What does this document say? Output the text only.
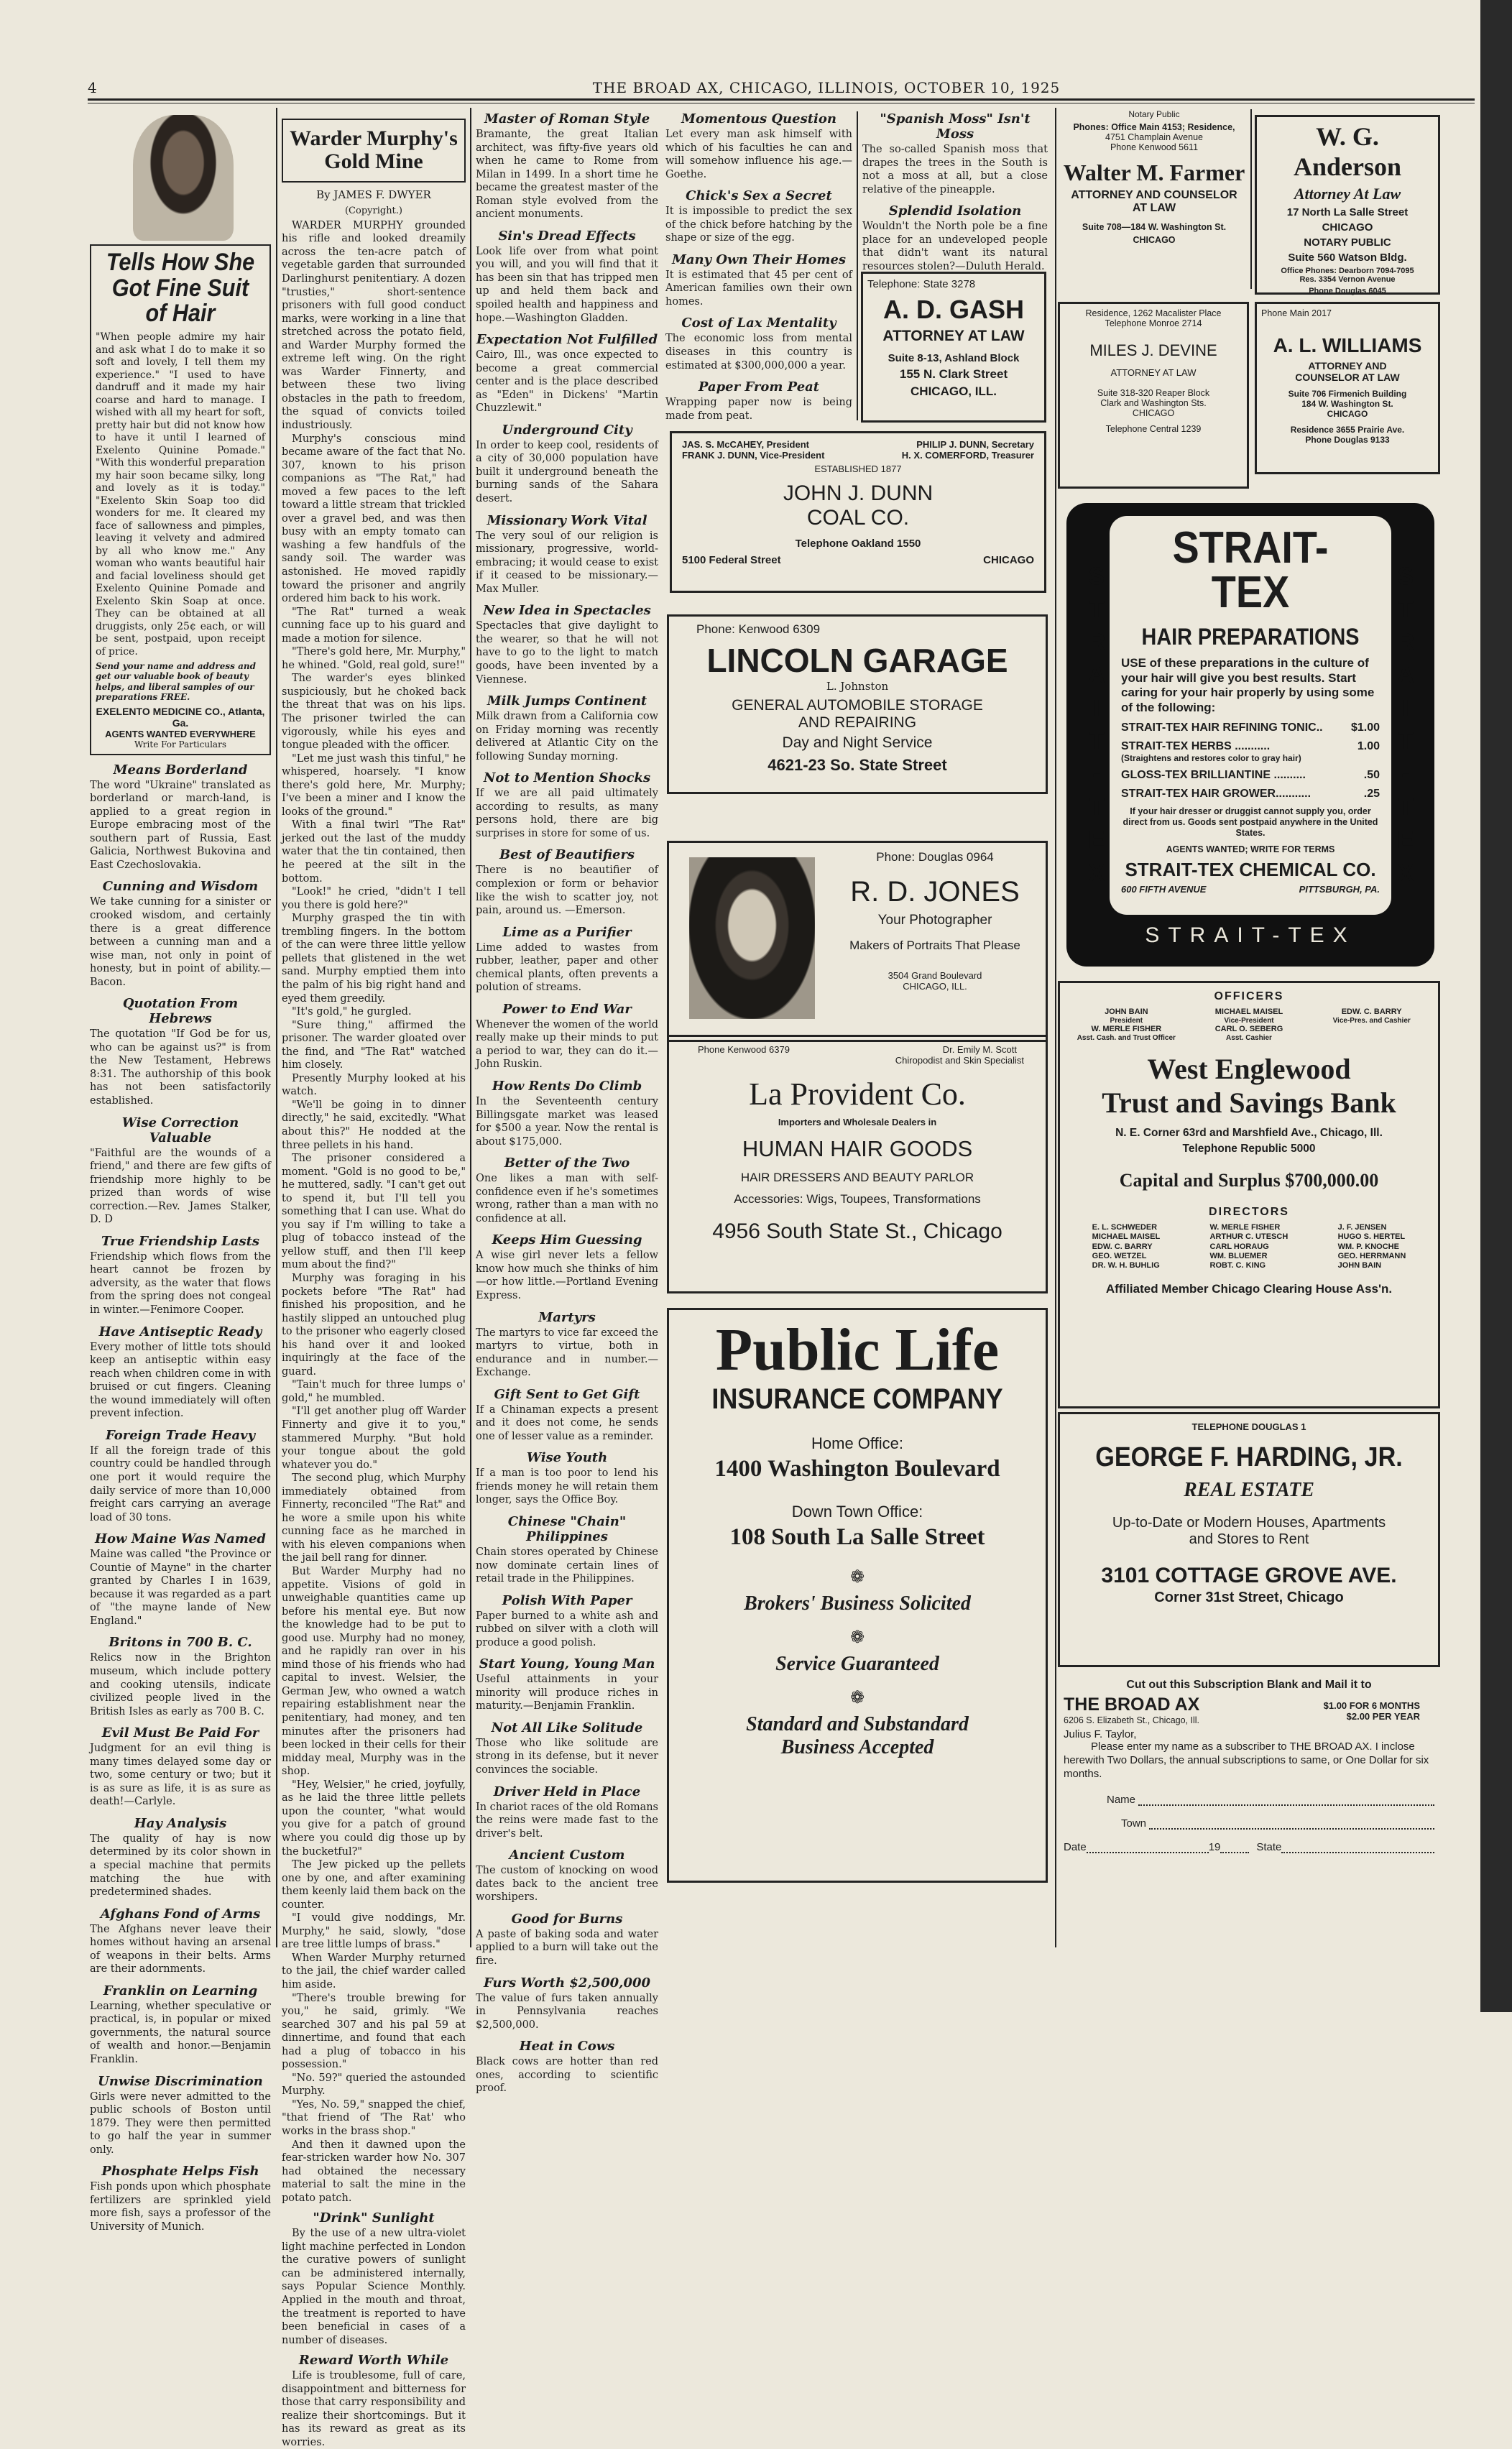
4	THE BROAD AX, CHICAGO, ILLINOIS, OCTOBER 10, 1925
Tells How She Got Fine Suit of Hair

"When people admire my hair and ask what I do to make it so soft and lovely, I tell them my experience." "I used to have dandruff and it made my hair coarse and hard to manage. I wished with all my heart for soft, pretty hair but did not know how to have it until I learned of Exelento Quinine Pomade." "With this wonderful preparation my hair soon became silky, long and lovely as it is today." "Exelento Skin Soap too did wonders for me. It cleared my face of sallowness and pimples, leaving it velvety and admired by all who know me." Any woman who wants beautiful hair and facial loveliness should get Exelento Quinine Pomade and Exelento Skin Soap at once. They can be obtained at all druggists, only 25¢ each, or will be sent, postpaid, upon receipt of price.

Send your name and address and get our valuable book of beauty helps, and liberal samples of our preparations FREE.

EXELENTO MEDICINE CO., Atlanta, Ga.
AGENTS WANTED EVERYWHERE
Write For Particulars
Means Borderland

The word "Ukraine" translated as borderland or march-land, is applied to a great region in Europe embracing most of the southern part of Russia, East Galicia, Northwest Bukovina and East Czechoslovakia.

Cunning and Wisdom

We take cunning for a sinister or crooked wisdom, and certainly there is a great difference between a cunning man and a wise man, not only in point of honesty, but in point of ability.—Bacon.

Quotation From Hebrews

The quotation "If God be for us, who can be against us?" is from the New Testament, Hebrews 8:31. The authorship of this book has not been satisfactorily established.

Wise Correction Valuable

"Faithful are the wounds of a friend," and there are few gifts of friendship more highly to be prized than words of wise correction.—Rev. James Stalker, D. D

True Friendship Lasts

Friendship which flows from the heart cannot be frozen by adversity, as the water that flows from the spring does not congeal in winter.—Fenimore Cooper.

Have Antiseptic Ready

Every mother of little tots should keep an antiseptic within easy reach when children come in with bruised or cut fingers. Cleaning the wound immediately will often prevent infection.

Foreign Trade Heavy

If all the foreign trade of this country could be handled through one port it would require the daily service of more than 10,000 freight cars carrying an average load of 30 tons.

How Maine Was Named

Maine was called "the Province or Countie of Mayne" in the charter granted by Charles I in 1639, because it was regarded as a part of "the mayne lande of New England."

Britons in 700 B. C.

Relics now in the Brighton museum, which include pottery and cooking utensils, indicate civilized people lived in the British Isles as early as 700 B. C.

Evil Must Be Paid For

Judgment for an evil thing is many times delayed some day or two, some century or two; but it is as sure as life, it is as sure as death!—Carlyle.

Hay Analysis

The quality of hay is now determined by its color shown in a special machine that permits matching the hue with predetermined shades.

Afghans Fond of Arms

The Afghans never leave their homes without having an arsenal of weapons in their belts. Arms are their adornments.

Franklin on Learning

Learning, whether speculative or practical, is, in popular or mixed governments, the natural source of wealth and honor.—Benjamin Franklin.

Unwise Discrimination

Girls were never admitted to the public schools of Boston until 1879. They were then permitted to go half the year in summer only.

Phosphate Helps Fish

Fish ponds upon which phosphate fertilizers are sprinkled yield more fish, says a professor of the University of Munich.

Warder Murphy's Gold Mine
By JAMES F. DWYER
(Copyright.)

WARDER MURPHY grounded his rifle and looked dreamily across the ten-acre patch of vegetable garden that surrounded Darlinghurst penitentiary. A dozen "trusties," short-sentence prisoners with full good conduct marks, were working in a line that stretched across the potato field, and Warder Murphy formed the extreme left wing. On the right was Warder Finnerty, and between these two living obstacles in the path to freedom, the squad of convicts toiled industriously.

Murphy's conscious mind became aware of the fact that No. 307, known to his prison companions as "The Rat," had moved a few paces to the left toward a little stream that trickled over a gravel bed, and was then busy with an empty tomato can washing a few handfuls of the sandy soil. The warder was astonished. He moved rapidly toward the prisoner and angrily ordered him back to his work.

"The Rat" turned a weak cunning face up to his guard and made a motion for silence.

"There's gold here, Mr. Murphy," he whined. "Gold, real gold, sure!"

The warder's eyes blinked suspiciously, but he choked back the threat that was on his lips. The prisoner twirled the can vigorously, while his eyes and tongue pleaded with the officer.

"Let me just wash this tinful," he whispered, hoarsely. "I know there's gold here, Mr. Murphy; I've been a miner and I know the looks of the ground."

With a final twirl "The Rat" jerked out the last of the muddy water that the tin contained, then he peered at the silt in the bottom.

"Look!" he cried, "didn't I tell you there is gold here?"

Murphy grasped the tin with trembling fingers. In the bottom of the can were three little yellow pellets that glistened in the wet sand. Murphy emptied them into the palm of his big right hand and eyed them greedily.

"It's gold," he gurgled.

"Sure thing," affirmed the prisoner. The warder gloated over the find, and "The Rat" watched him closely.

Presently Murphy looked at his watch.

"We'll be going in to dinner directly," he said, excitedly. "What about this?" He nodded at the three pellets in his hand.

The prisoner considered a moment. "Gold is no good to be," he muttered, sadly. "I can't get out to spend it, but I'll tell you something that I can use. What do you say if I'm willing to take a plug of tobacco instead of the yellow stuff, and then I'll keep mum about the find?"

Murphy was foraging in his pockets before "The Rat" had finished his proposition, and he hastily slipped an untouched plug to the prisoner who eagerly closed his hand over it and looked inquiringly at the face of the guard.

"Tain't much for three lumps o' gold," he mumbled.

"I'll get another plug off Warder Finnerty and give it to you," stammered Murphy. "But hold your tongue about the gold whatever you do."

The second plug, which Murphy immediately obtained from Finnerty, reconciled "The Rat" and he wore a smile upon his white cunning face as he marched in with his eleven companions when the jail bell rang for dinner.

But Warder Murphy had no appetite. Visions of gold in unweighable quantities came up before his mental eye. But now the knowledge had to be put to good use. Murphy had no money, and he rapidly ran over in his mind those of his friends who had capital to invest. Welsier, the German Jew, who owned a watch repairing establishment near the penitentiary, had money, and ten minutes after the prisoners had been locked in their cells for their midday meal, Murphy was in the shop.

"Hey, Welsier," he cried, joyfully, as he laid the three little pellets upon the counter, "what would you give for a patch of ground where you could dig those up by the bucketful?"

The Jew picked up the pellets one by one, and after examining them keenly laid them back on the counter.

"I vould give noddings, Mr. Murphy," he said, slowly, "dose are tree little lumps of brass."

When Warder Murphy returned to the jail, the chief warder called him aside.

"There's trouble brewing for you," he said, grimly. "We searched 307 and his pal 59 at dinnertime, and found that each had a plug of tobacco in his possession."

"No. 59?" queried the astounded Murphy.

"Yes, No. 59," snapped the chief, "that friend of 'The Rat' who works in the brass shop."

And then it dawned upon the fear-stricken warder how No. 307 had obtained the necessary material to salt the mine in the potato patch.

"Drink" Sunlight

By the use of a new ultra-violet light machine perfected in London the curative powers of sunlight can be administered internally, says Popular Science Monthly. Applied in the mouth and throat, the treatment is reported to have been beneficial in cases of a number of diseases.

Reward Worth While

Life is troublesome, full of care, disappointment and bitterness for those that carry responsibility and realize their shortcomings. But it has its reward as great as its worries.

Master of Roman Style

Bramante, the great Italian architect, was fifty-five years old when he came to Rome from Milan in 1499. In a short time he became the greatest master of the Roman style evolved from the ancient monuments.

Sin's Dread Effects

Look life over from what point you will, and you will find that it has been sin that has tripped men up and held them back and spoiled health and happiness and hope.—Washington Gladden.

Expectation Not Fulfilled

Cairo, Ill., was once expected to become a great commercial center and is the place described as "Eden" in Dickens' "Martin Chuzzlewit."

Underground City

In order to keep cool, residents of a city of 30,000 population have built it underground beneath the burning sands of the Sahara desert.

Missionary Work Vital

The very soul of our religion is missionary, progressive, world-embracing; it would cease to exist if it ceased to be missionary.—Max Muller.

New Idea in Spectacles

Spectacles that give daylight to the wearer, so that he will not have to go to the light to match goods, have been invented by a Viennese.

Milk Jumps Continent

Milk drawn from a California cow on Friday morning was recently delivered at Atlantic City on the following Sunday morning.

Not to Mention Shocks

If we are all paid ultimately according to results, as many persons hold, there are big surprises in store for some of us.

Best of Beautifiers

There is no beautifier of complexion or form or behavior like the wish to scatter joy, not pain, around us. —Emerson.

Lime as a Purifier

Lime added to wastes from rubber, leather, paper and other chemical plants, often prevents a polution of streams.

Power to End War

Whenever the women of the world really make up their minds to put a period to war, they can do it.—John Ruskin.

How Rents Do Climb

In the Seventeenth century Billingsgate market was leased for $500 a year. Now the rental is about $175,000.

Better of the Two

One likes a man with self-confidence even if he's sometimes wrong, rather than a man with no confidence at all.

Keeps Him Guessing

A wise girl never lets a fellow know how much she thinks of him—or how little.—Portland Evening Express.

Martyrs

The martyrs to vice far exceed the martyrs to virtue, both in endurance and in number.—Exchange.

Gift Sent to Get Gift

If a Chinaman expects a present and it does not come, he sends one of lesser value as a reminder.

Wise Youth

If a man is too poor to lend his friends money he will retain them longer, says the Office Boy.

Chinese "Chain" Philippines

Chain stores operated by Chinese now dominate certain lines of retail trade in the Philippines.

Polish With Paper

Paper burned to a white ash and rubbed on silver with a cloth will produce a good polish.

Start Young, Young Man

Useful attainments in your minority will produce riches in maturity.—Benjamin Franklin.

Not All Like Solitude

Those who like solitude are strong in its defense, but it never convinces the sociable.

Driver Held in Place

In chariot races of the old Romans the reins were made fast to the driver's belt.

Ancient Custom

The custom of knocking on wood dates back to the ancient tree worshipers.

Good for Burns

A paste of baking soda and water applied to a burn will take out the fire.

Furs Worth $2,500,000

The value of furs taken annually in Pennsylvania reaches $2,500,000.

Heat in Cows

Black cows are hotter than red ones, according to scientific proof.

Momentous Question

Let every man ask himself with which of his faculties he can and will somehow influence his age.—Goethe.

Chick's Sex a Secret

It is impossible to predict the sex of the chick before hatching by the shape or size of the egg.

Many Own Their Homes

It is estimated that 45 per cent of American families own their own homes.

Cost of Lax Mentality

The economic loss from mental diseases in this country is estimated at $300,000,000 a year.

Paper From Peat

Wrapping paper now is being made from peat.

"Spanish Moss" Isn't Moss

The so-called Spanish moss that drapes the trees in the South is not a moss at all, but a close relative of the pineapple.

Splendid Isolation

Wouldn't the North pole be a fine place for an undeveloped people that didn't want its natural resources stolen?—Duluth Herald.

Telephone: State 3278
A. D. GASH
ATTORNEY AT LAW
Suite 8-13, Ashland Block
155 N. Clark Street
CHICAGO, ILL.
JAS. S. McCAHEY, President	PHILIP J. DUNN, Secretary
FRANK J. DUNN, Vice-President	H. X. COMERFORD, Treasurer
ESTABLISHED 1877
JOHN J. DUNN
COAL CO.
Telephone Oakland 1550
5100 Federal Street	CHICAGO
Phone: Kenwood 6309
LINCOLN GARAGE
L. Johnston
GENERAL AUTOMOBILE STORAGE
AND REPAIRING
Day and Night Service
4621-23 So. State Street
Phone: Douglas 0964
R. D. JONES
Your Photographer
Makers of Portraits That Please
3504 Grand Boulevard
CHICAGO, ILL.
Phone Kenwood 6379	Dr. Emily M. Scott
Chiropodist and Skin Specialist
La Provident Co.
Importers and Wholesale Dealers in
HUMAN HAIR GOODS
HAIR DRESSERS AND BEAUTY PARLOR
Accessories: Wigs, Toupees, Transformations
4956 South State St., Chicago
Public Life
INSURANCE COMPANY
Home Office:
1400 Washington Boulevard
Down Town Office:
108 South La Salle Street
❁
Brokers' Business Solicited
❁
Service Guaranteed
❁
Standard and Substandard
Business Accepted
Notary Public
Phones: Office Main 4153; Residence,
4751 Champlain Avenue
Phone Kenwood 5611
Walter M. Farmer
ATTORNEY AND COUNSELOR
AT LAW
Suite 708—184 W. Washington St.
CHICAGO
W. G. Anderson
Attorney At Law
17 North La Salle Street
CHICAGO
NOTARY PUBLIC
Suite 560 Watson Bldg.
Office Phones: Dearborn 7094-7095
Res. 3354 Vernon Avenue
Phone Douglas 6045
Residence, 1262 Macalister Place
Telephone Monroe 2714
MILES J. DEVINE
ATTORNEY AT LAW
Suite 318-320 Reaper Block
Clark and Washington Sts.
CHICAGO
Telephone Central 1239
Phone Main 2017
A. L. WILLIAMS
ATTORNEY AND
COUNSELOR AT LAW
Suite 706 Firmenich Building
184 W. Washington St.
CHICAGO
Residence 3655 Prairie Ave.
Phone Douglas 9133
S
T
R
A
I
T
-
T
E
X
S
T
R
A
I
T
-
T
E
X
STRAIT-TEX
HAIR PREPARATIONS

USE of these preparations in the culture of your hair will give you best results. Start caring for your hair properly by using some of the following:

STRAIT-TEX HAIR REFINING TONIC.. $1.00
STRAIT-TEX HERBS ...........	1.00
(Straightens and restores color to gray hair)
GLOSS-TEX BRILLIANTINE ..........	.50
STRAIT-TEX HAIR GROWER...........	.25

If your hair dresser or druggist cannot supply you, order direct from us. Goods sent postpaid anywhere in the United States.

AGENTS WANTED; WRITE FOR TERMS
STRAIT-TEX CHEMICAL CO.
600 FIFTH AVENUE	PITTSBURGH, PA.
STRAIT-TEX
OFFICERS
JOHN BAIN
President
MICHAEL MAISEL
Vice-President
EDW. C. BARRY
Vice-Pres. and Cashier
W. MERLE FISHER
Asst. Cash. and Trust Officer
CARL O. SEBERG
Asst. Cashier
West Englewood
Trust and Savings Bank
N. E. Corner 63rd and Marshfield Ave., Chicago, Ill.
Telephone Republic 5000
Capital and Surplus $700,000.00
DIRECTORS
E. L. SCHWEDER
MICHAEL MAISEL
EDW. C. BARRY
GEO. WETZEL
DR. W. H. BUHLIG
W. MERLE FISHER
ARTHUR C. UTESCH
CARL HORAUG
WM. BLUEMER
ROBT. C. KING
J. F. JENSEN
HUGO S. HERTEL
WM. P. KNOCHE
GEO. HERRMANN
JOHN BAIN
Affiliated Member Chicago Clearing House Ass'n.
TELEPHONE DOUGLAS 1
GEORGE F. HARDING, JR.
REAL ESTATE
Up-to-Date or Modern Houses, Apartments
and Stores to Rent
3101 COTTAGE GROVE AVE.
Corner 31st Street, Chicago
Cut out this Subscription Blank and Mail it to
THE BROAD AX
6206 S. Elizabeth St., Chicago, Ill.
$1.00 FOR 6 MONTHS
$2.00 PER YEAR
Julius F. Taylor,

Please enter my name as a subscriber to THE BROAD AX. I inclose herewith Two Dollars, the annual subscriptions to same, or One Dollar for six months.

Name
Town
Date	19	State
